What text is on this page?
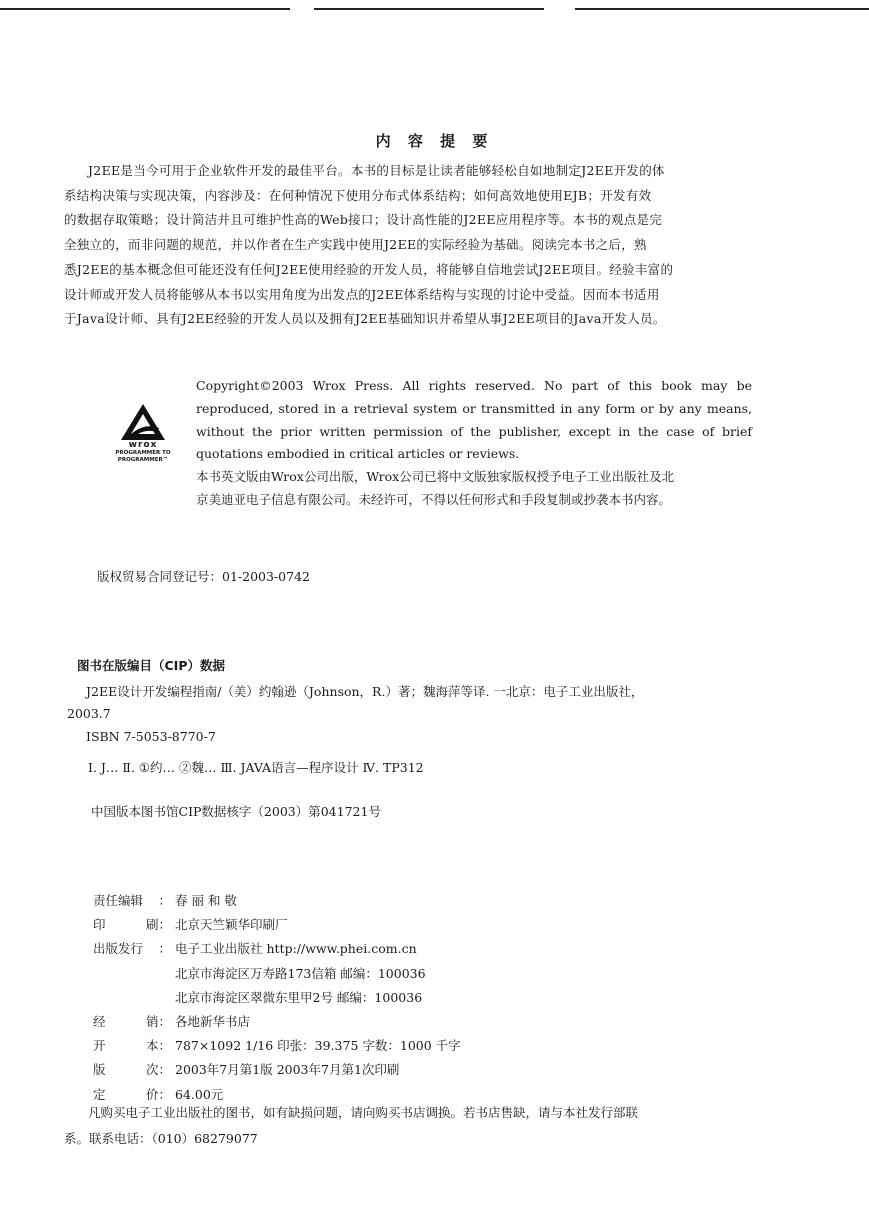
内 容 提 要
J2EE是当今可用于企业软件开发的最佳平台。本书的目标是让读者能够轻松自如地制定J2EE开发的体
系结构决策与实现决策，内容涉及：在何种情况下使用分布式体系结构；如何高效地使用EJB；开发有效
的数据存取策略；设计简洁并且可维护性高的Web接口；设计高性能的J2EE应用程序等。本书的观点是完
全独立的，而非问题的规范，并以作者在生产实践中使用J2EE的实际经验为基础。阅读完本书之后，熟
悉J2EE的基本概念但可能还没有任何J2EE使用经验的开发人员，将能够自信地尝试J2EE项目。经验丰富的
设计师或开发人员将能够从本书以实用角度为出发点的J2EE体系结构与实现的讨论中受益。因而本书适用
于Java设计师、具有J2EE经验的开发人员以及拥有J2EE基础知识并希望从事J2EE项目的Java开发人员。
wrox
PROGRAMMER TO
PROGRAMMER™
Copyright©2003 Wrox Press. All rights reserved. No part of this book may be
reproduced, stored in a retrieval system or transmitted in any form or by any means,
without the prior written permission of the publisher, except in the case of brief
quotations embodied in critical articles or reviews.
本书英文版由Wrox公司出版，Wrox公司已将中文版独家版权授予电子工业出版社及北
京美迪亚电子信息有限公司。未经许可，不得以任何形式和手段复制或抄袭本书内容。
版权贸易合同登记号：01-2003-0742
图书在版编目（CIP）数据
J2EE设计开发编程指南/（美）约翰逊（Johnson，R.）著；魏海萍等译. 一北京：电子工业出版社，
2003.7
ISBN 7-5053-8770-7
Ⅰ. J… Ⅱ. ①约… ②魏… Ⅲ. JAVA语言—程序设计 Ⅳ. TP312
中国版本图书馆CIP数据核字（2003）第041721号
责任编辑 ： 春 丽 和 敬
印	刷： 北京天竺颖华印刷厂
出版发行 ： 电子工业出版社 http://www.phei.com.cn
北京市海淀区万寿路173信箱 邮编：100036
北京市海淀区翠微东里甲2号 邮编：100036
经	销： 各地新华书店
开	本： 787×1092 1/16 印张：39.375 字数：1000 千字
版	次： 2003年7月第1版 2003年7月第1次印刷
定	价： 64.00元
凡购买电子工业出版社的图书，如有缺损问题，请向购买书店调换。若书店售缺，请与本社发行部联
系。联系电话：（010）68279077
